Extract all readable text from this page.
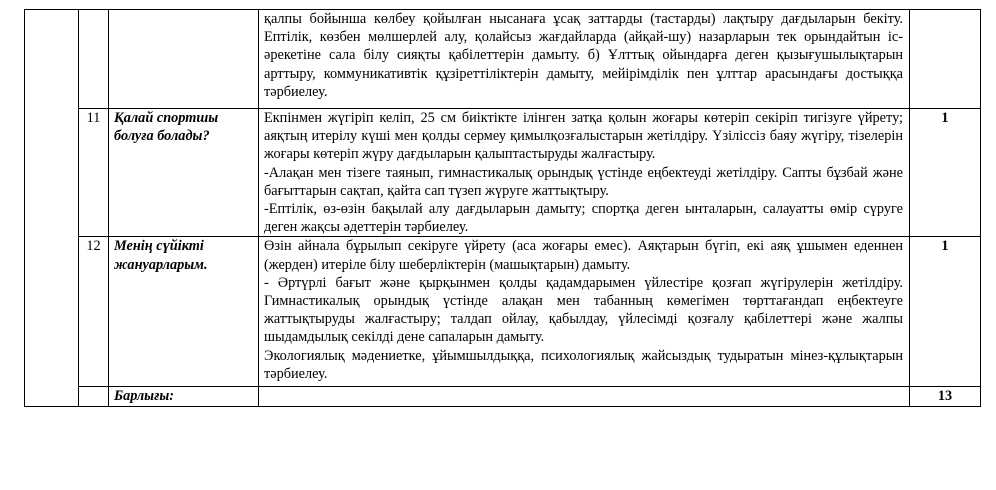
			қалпы бойынша көлбеу қойылған нысанаға ұсақ заттарды (тастарды) лақтыру дағдыларын бекіту. Ептілік, көзбен мөлшерлей алу, қолайсыз жағдайларда (айқай-шу) назарларын тек орындайтын іс-әрекетіне сала білу сияқты қабілеттерін дамыту. б) Ұлттық ойындарға деген қызығушылықтарын арттыру, коммуникативтік құзіреттіліктерін дамыту, мейірімділік пен ұлттар арасындағы достыққа тәрбиелеу.	

	11	Қалай спортшы болуға болады?	Екпінмен жүгіріп келіп, 25 см биіктікте ілінген затқа қолын жоғары көтеріп секіріп тигізуге үйрету; аяқтың итерілу күші мен қолды сермеу қимылқозғалыстарын жетілдіру. Үзіліссіз баяу жүгіру, тізелерін жоғары көтеріп жүру дағдыларын қалыптастыруды жалғастыру.
-Алақан мен тізеге таянып, гимнастикалық орындық үстінде еңбектеуді жетілдіру. Сапты бұзбай және бағыттарын сақтап, қайта сап түзеп жүруге жаттықтыру.
-Ептілік, өз-өзін бақылай алу дағдыларын дамыту; спортқа деген ынталарын, салауатты өмір сүруге деген жақсы әдеттерін тәрбиелеу.	1
	12	Менің сүйікті жануарларым.	Өзін айнала бұрылып секіруге үйрету (аса жоғары емес). Аяқтарын бүгіп, екі аяқ ұшымен еденнен (жерден) итеріле білу шеберліктерін (машықтарын) дамыту.
- Әртүрлі бағыт және қырқынмен қолды қадамдарымен үйлестіре қозғап жүгірулерін жетілдіру. Гимнастикалық орындық үстінде алақан мен табанның көмегімен төрттағандап еңбектеуге жаттықтыруды жалғастыру; талдап ойлау, қабылдау, үйлесімді қозғалу қабілеттері және жалпы шыдамдылық секілді дене сапаларын дамыту.
Экологиялық мәдениетке, ұйымшылдыққа, психологиялық жайсыздық тудыратын мінез-құлықтарын тәрбиелеу.	1
		Барлығы:		13
